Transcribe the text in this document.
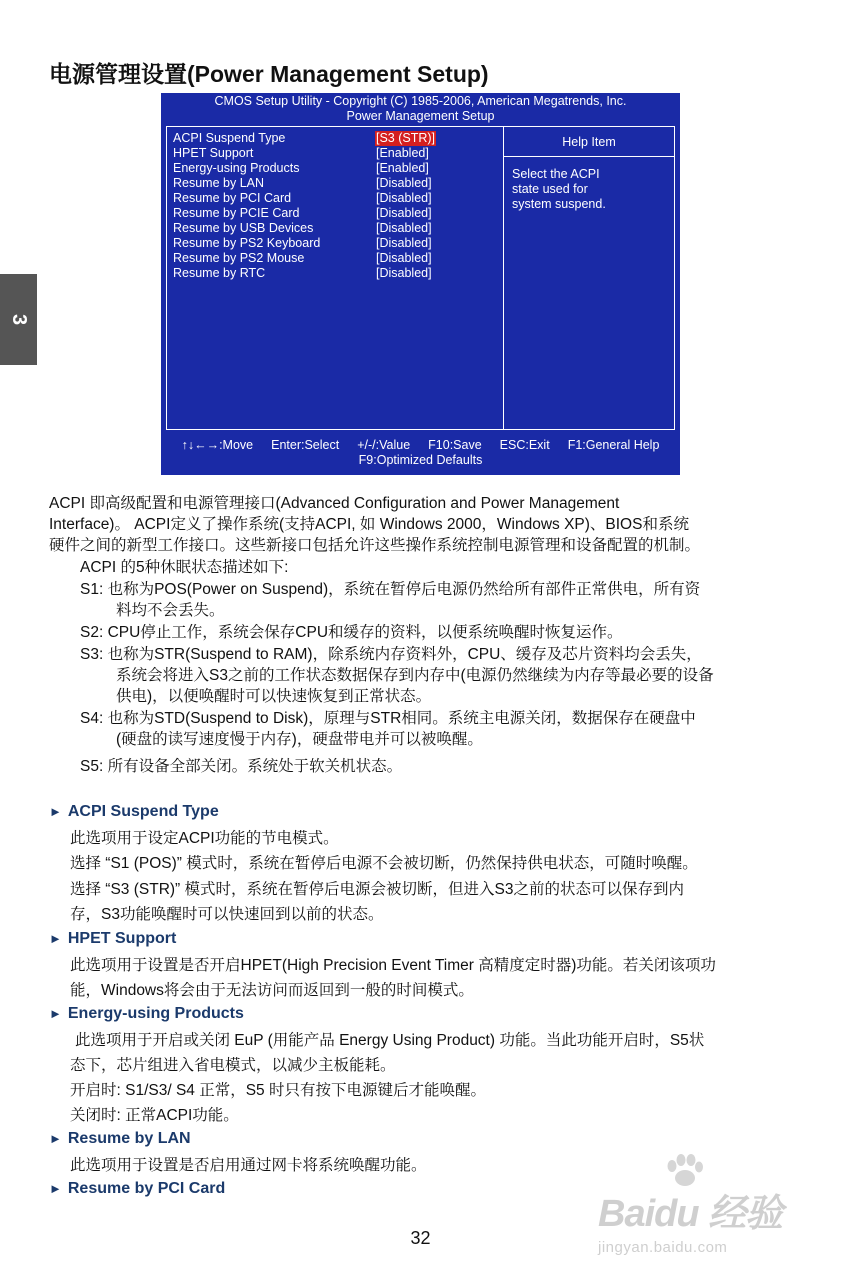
电源管理设置(Power Management Setup)
3
CMOS Setup Utility - Copyright (C) 1985-2006, American Megatrends, Inc.
Power Management Setup
Help Item
Select the ACPI
state used for
system suspend.
ACPI Suspend Type	[S3 (STR)]
HPET Support	[Enabled]
Energy-using Products	[Enabled]
Resume by LAN	[Disabled]
Resume by PCI Card	[Disabled]
Resume by PCIE Card	[Disabled]
Resume by USB Devices	[Disabled]
Resume by PS2 Keyboard	[Disabled]
Resume by PS2 Mouse	[Disabled]
Resume by RTC	[Disabled]
↑↓←→:Move Enter:Select +/-/:Value F10:Save ESC:Exit F1:General Help
F9:Optimized Defaults
ACPI 即高级配置和电源管理接口(Advanced Configuration and Power Management
Interface)。 ACPI定义了操作系统(支持ACPI, 如 Windows 2000，Windows XP)、BIOS和系统
硬件之间的新型工作接口。这些新接口包括允许这些操作系统控制电源管理和设备配置的机制。
ACPI 的5种休眠状态描述如下:
S1: 也称为POS(Power on Suspend)，系统在暂停后电源仍然给所有部件正常供电，所有资
料均不会丢失。
S2: CPU停止工作，系统会保存CPU和缓存的资料，以便系统唤醒时恢复运作。
S3: 也称为STR(Suspend to RAM)，除系统内存资料外，CPU、缓存及芯片资料均会丢失，
系统会将进入S3之前的工作状态数据保存到内存中(电源仍然继续为内存等最必要的设备
供电)，以便唤醒时可以快速恢复到正常状态。
S4: 也称为STD(Suspend to Disk)，原理与STR相同。系统主电源关闭，数据保存在硬盘中
(硬盘的读写速度慢于内存)，硬盘带电并可以被唤醒。
S5: 所有设备全部关闭。系统处于软关机状态。
► ACPI Suspend Type
此选项用于设定ACPI功能的节电模式。
选择 “S1 (POS)” 模式时，系统在暂停后电源不会被切断，仍然保持供电状态，可随时唤醒。
选择 “S3 (STR)” 模式时，系统在暂停后电源会被切断，但进入S3之前的状态可以保存到内
存，S3功能唤醒时可以快速回到以前的状态。
► HPET Support
此选项用于设置是否开启HPET(High Precision Event Timer 高精度定时器)功能。若关闭该项功
能，Windows将会由于无法访问而返回到一般的时间模式。
► Energy-using Products
此选项用于开启或关闭 EuP (用能产品 Energy Using Product) 功能。当此功能开启时，S5状
态下，芯片组进入省电模式，以减少主板能耗。
开启时: S1/S3/ S4 正常，S5 时只有按下电源键后才能唤醒。
关闭时: 正常ACPI功能。
► Resume by LAN
此选项用于设置是否启用通过网卡将系统唤醒功能。
► Resume by PCI Card
Baidu 经验
jingyan.baidu.com
32
